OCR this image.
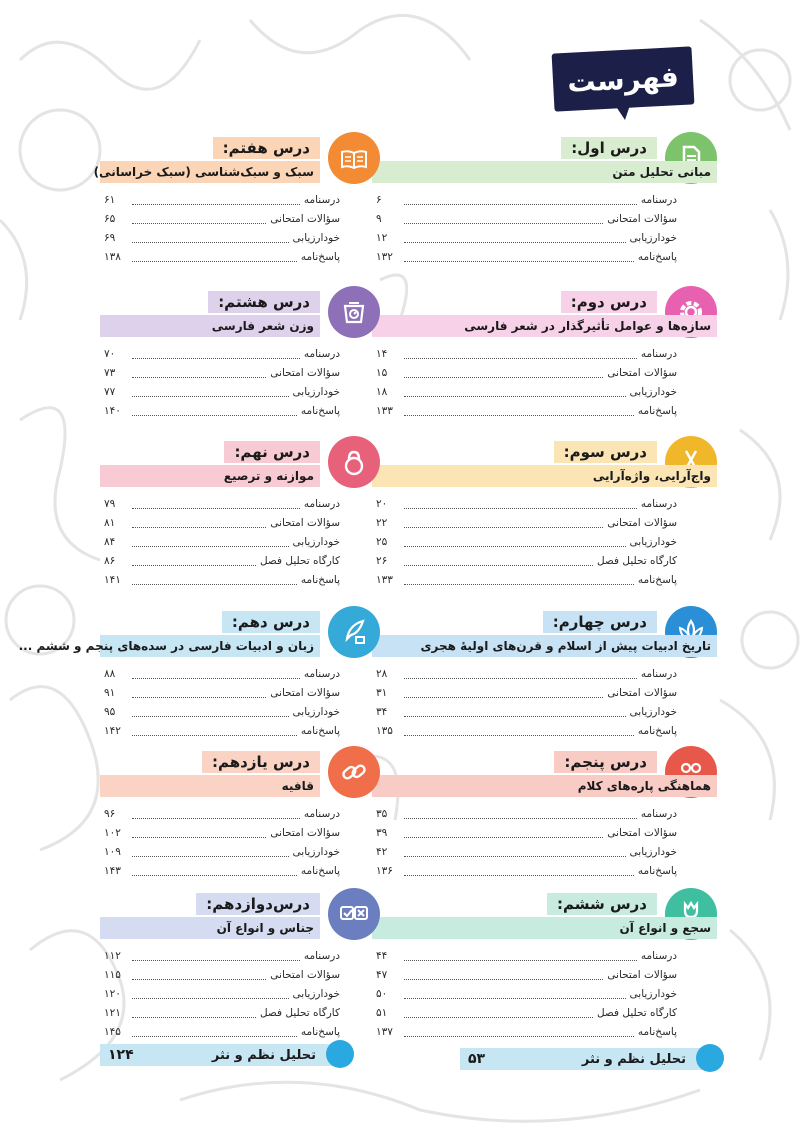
فهرست
درس اول:
مبانی تحلیل متن
درسنامه
۶
سؤالات امتحانی
۹
خودارزیابی
۱۲
پاسخ‌نامه
۱۳۲
درس دوم:
سازه‌ها و عوامل تأثیرگذار در شعر فارسی
درسنامه
۱۴
سؤالات امتحانی
۱۵
خودارزیابی
۱۸
پاسخ‌نامه
۱۳۳
درس سوم:
واج‌آرایی، واژه‌آرایی
درسنامه
۲۰
سؤالات امتحانی
۲۲
خودارزیابی
۲۵
کارگاه تحلیل فصل
۲۶
پاسخ‌نامه
۱۳۳
درس چهارم:
تاریخ ادبیات پیش از اسلام و قرن‌های اولیۀ هجری
درسنامه
۲۸
سؤالات امتحانی
۳۱
خودارزیابی
۳۴
پاسخ‌نامه
۱۳۵
درس پنجم:
هماهنگی پاره‌های کلام
درسنامه
۳۵
سؤالات امتحانی
۳۹
خودارزیابی
۴۲
پاسخ‌نامه
۱۳۶
درس ششم:
سجع و انواع آن
درسنامه
۴۴
سؤالات امتحانی
۴۷
خودارزیابی
۵۰
کارگاه تحلیل فصل
۵۱
پاسخ‌نامه
۱۳۷
درس هفتم:
سبک و سبک‌شناسی (سبک خراسانی)
درسنامه
۶۱
سؤالات امتحانی
۶۵
خودارزیابی
۶۹
پاسخ‌نامه
۱۳۸
درس هشتم:
وزن شعر فارسی
درسنامه
۷۰
سؤالات امتحانی
۷۳
خودارزیابی
۷۷
پاسخ‌نامه
۱۴۰
درس نهم:
موازنه و ترصیع
درسنامه
۷۹
سؤالات امتحانی
۸۱
خودارزیابی
۸۴
کارگاه تحلیل فصل
۸۶
پاسخ‌نامه
۱۴۱
درس دهم:
زبان و ادبیات فارسی در سده‌های پنجم و ششم ...
درسنامه
۸۸
سؤالات امتحانی
۹۱
خودارزیابی
۹۵
پاسخ‌نامه
۱۴۲
درس یازدهم:
قافیه
درسنامه
۹۶
سؤالات امتحانی
۱۰۲
خودارزیابی
۱۰۹
پاسخ‌نامه
۱۴۳
درس‌دوازدهم:
جناس و انواع آن
درسنامه
۱۱۲
سؤالات امتحانی
۱۱۵
خودارزیابی
۱۲۰
کارگاه تحلیل فصل
۱۲۱
پاسخ‌نامه
۱۴۵
تحلیل نظم و نثر
۵۳
تحلیل نظم و نثر
۱۲۴
